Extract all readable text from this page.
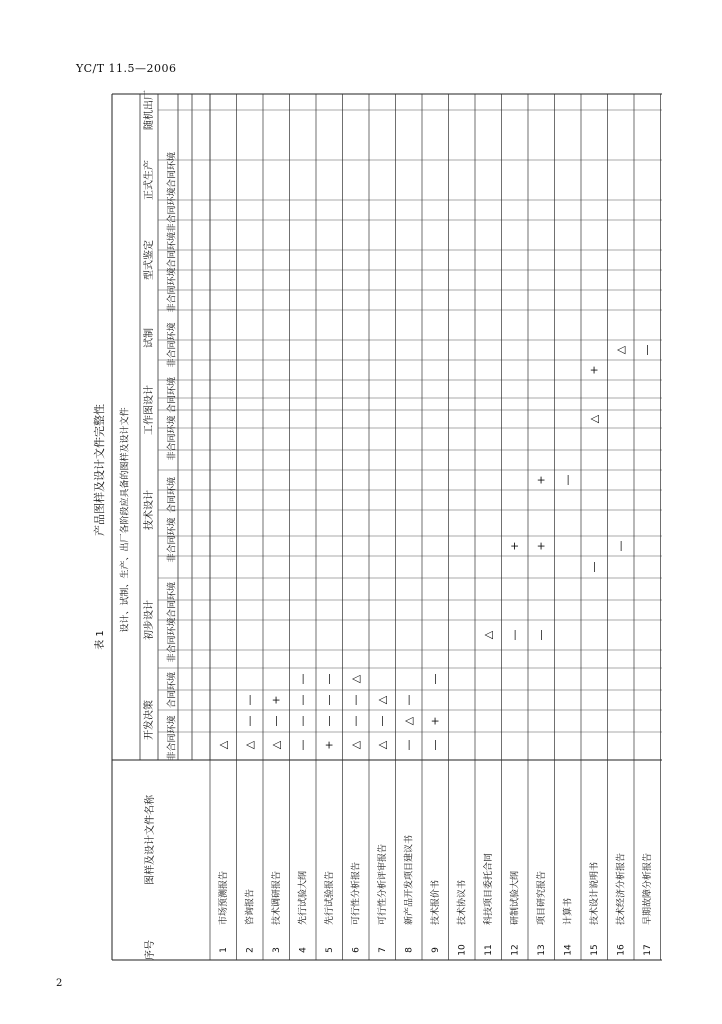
YC/T 11.5—2006
2
表 1
产品图样及设计文件完整性 设计、试制、生产、出厂各阶段应具备的图样及设计文件
开发决策
初步设计
技术设计
工作图设计
试制
型式鉴定
正式生产
随机出厂
非合同环境
合同环境
非合同环境
合同环境
非合同环境
合同环境
非合同环境
合同环境
非合同环境
非合同环境
合同环境
非合同环境
合同环境
序号
图样及设计文件名称
1
市场预测报告
2
咨询报告
3
技术调研报告
4
先行试验大纲
5
先行试验报告
6
可行性分析报告
7
可行性分析评审报告
8
新产品开发项目建议书
9
技术报价书
10
技术协议书
11
科技项目委托合同
12
研制试验大纲
13
项目研究报告
14
计算书
15
技术设计说明书
16
技术经济分析报告
17
早期故障分析报告
△ △
—
—
△
—
+
—
—
—
—
+
—
—
—
△
—
—
△
△
—
△
—
△
—
—
+
—
△ —
+
—
+
+ —
—
△
+
—
△ —
